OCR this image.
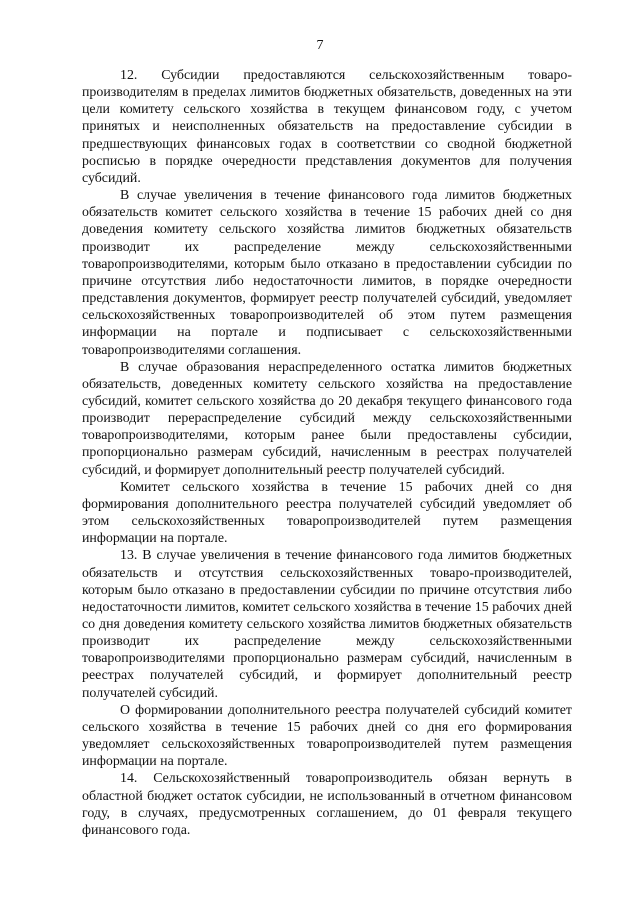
7

12. Субсидии предоставляются сельскохозяйственным товаро-производителям в пределах лимитов бюджетных обязательств, доведенных на эти цели комитету сельского хозяйства в текущем финансовом году, с учетом принятых и неисполненных обязательств на предоставление субсидии в предшествующих финансовых годах в соответствии со сводной бюджетной росписью в порядке очередности представления документов для получения субсидий.

В случае увеличения в течение финансового года лимитов бюджетных обязательств комитет сельского хозяйства в течение 15 рабочих дней со дня доведения комитету сельского хозяйства лимитов бюджетных обязательств производит их распределение между сельскохозяйственными товаропроизводителями, которым было отказано в предоставлении субсидии по причине отсутствия либо недостаточности лимитов, в порядке очередности представления документов, формирует реестр получателей субсидий, уведомляет сельскохозяйственных товаропроизводителей об этом путем размещения информации на портале и подписывает с сельскохозяйственными товаропроизводителями соглашения.

В случае образования нераспределенного остатка лимитов бюджетных обязательств, доведенных комитету сельского хозяйства на предоставление субсидий, комитет сельского хозяйства до 20 декабря текущего финансового года производит перераспределение субсидий между сельскохозяйственными товаропроизводителями, которым ранее были предоставлены субсидии, пропорционально размерам субсидий, начисленным в реестрах получателей субсидий, и формирует дополнительный реестр получателей субсидий.

Комитет сельского хозяйства в течение 15 рабочих дней со дня формирования дополнительного реестра получателей субсидий уведомляет об этом сельскохозяйственных товаропроизводителей путем размещения информации на портале.

13. В случае увеличения в течение финансового года лимитов бюджетных обязательств и отсутствия сельскохозяйственных товаро-производителей, которым было отказано в предоставлении субсидии по причине отсутствия либо недостаточности лимитов, комитет сельского хозяйства в течение 15 рабочих дней со дня доведения комитету сельского хозяйства лимитов бюджетных обязательств производит их распределение между сельскохозяйственными товаропроизводителями пропорционально размерам субсидий, начисленным в реестрах получателей субсидий, и формирует дополнительный реестр получателей субсидий.

О формировании дополнительного реестра получателей субсидий комитет сельского хозяйства в течение 15 рабочих дней со дня его формирования уведомляет сельскохозяйственных товаропроизводителей путем размещения информации на портале.

14. Сельскохозяйственный товаропроизводитель обязан вернуть в областной бюджет остаток субсидии, не использованный в отчетном финансовом году, в случаях, предусмотренных соглашением, до 01 февраля текущего финансового года.
